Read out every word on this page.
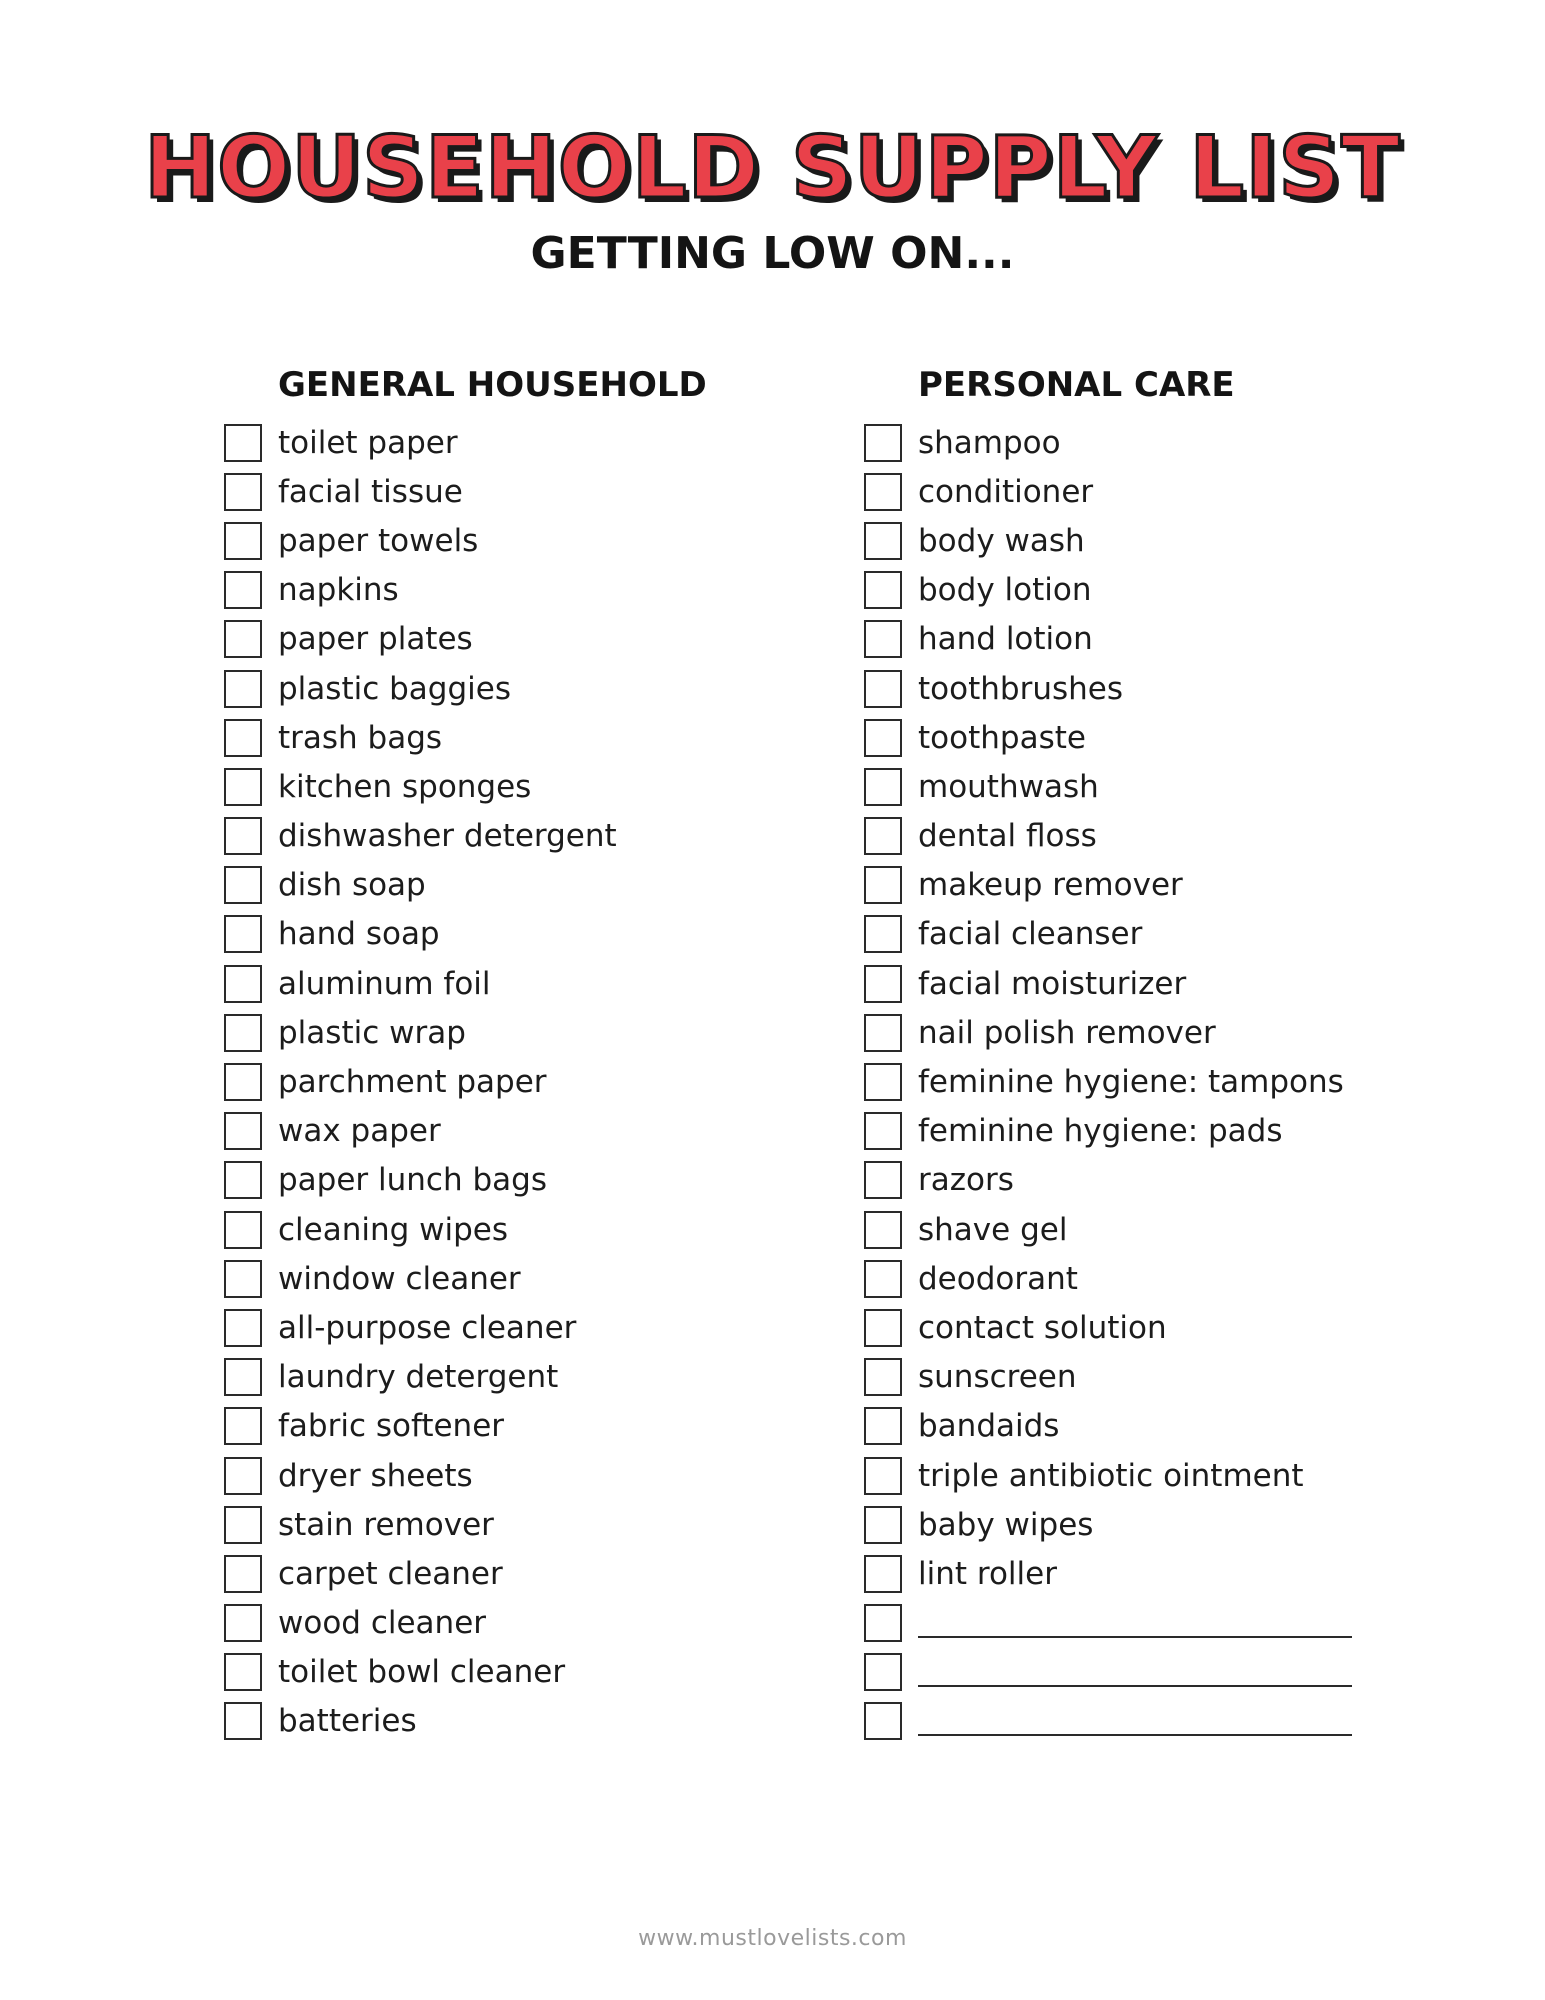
HOUSEHOLD SUPPLY LIST
GETTING LOW ON...
GENERAL HOUSEHOLD
toilet paper
facial tissue
paper towels
napkins
paper plates
plastic baggies
trash bags
kitchen sponges
dishwasher detergent
dish soap
hand soap
aluminum foil
plastic wrap
parchment paper
wax paper
paper lunch bags
cleaning wipes
window cleaner
all-purpose cleaner
laundry detergent
fabric softener
dryer sheets
stain remover
carpet cleaner
wood cleaner
toilet bowl cleaner
batteries
PERSONAL CARE
shampoo
conditioner
body wash
body lotion
hand lotion
toothbrushes
toothpaste
mouthwash
dental floss
makeup remover
facial cleanser
facial moisturizer
nail polish remover
feminine hygiene: tampons
feminine hygiene: pads
razors
shave gel
deodorant
contact solution
sunscreen
bandaids
triple antibiotic ointment
baby wipes
lint roller
www.mustlovelists.com
